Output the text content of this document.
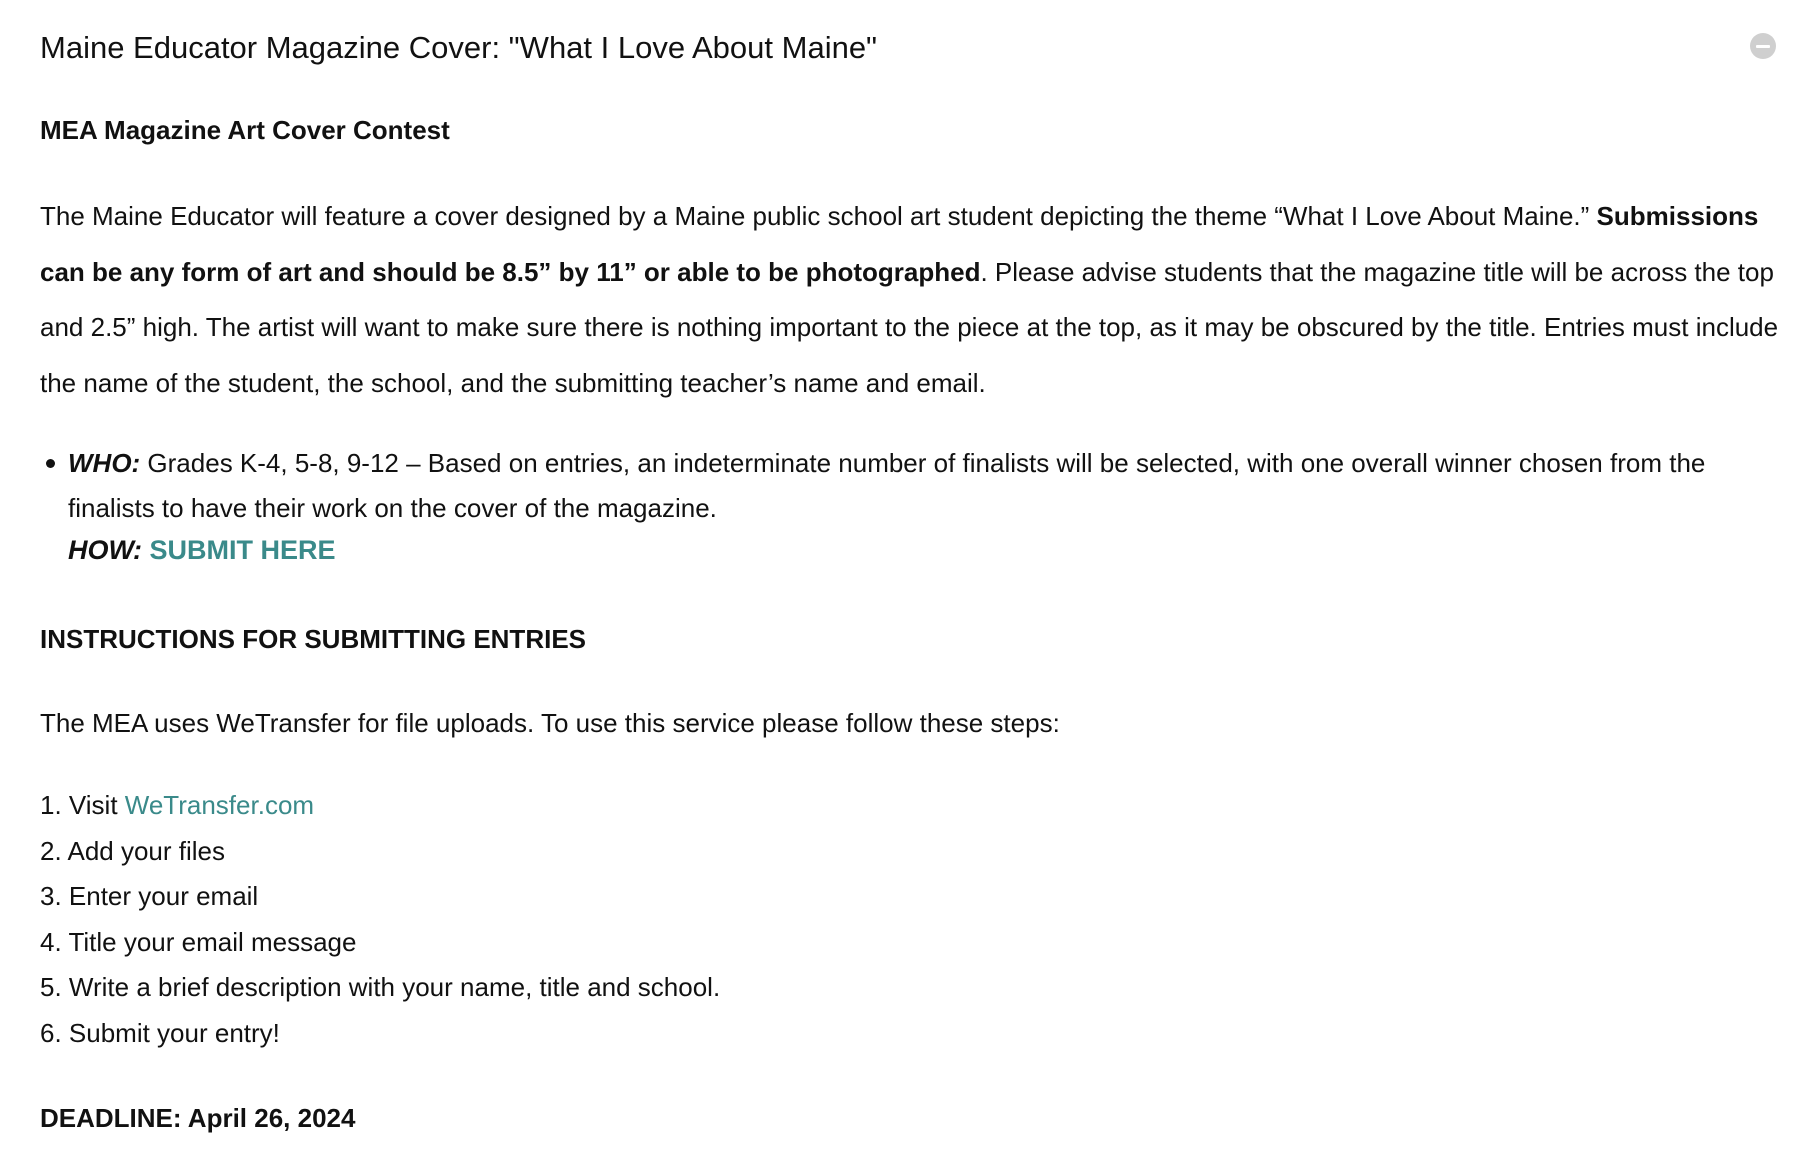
Maine Educator Magazine Cover: "What I Love About Maine"
MEA Magazine Art Cover Contest

The Maine Educator will feature a cover designed by a Maine public school art student depicting the theme “What I Love About Maine.” Submissions can be any form of art and should be 8.5” by 11” or able to be photographed. Please advise students that the magazine title will be across the top and 2.5” high. The artist will want to make sure there is nothing important to the piece at the top, as it may be obscured by the title. Entries must include the name of the student, the school, and the submitting teacher’s name and email.

WHO: Grades K-4, 5-8, 9-12 – Based on entries, an indeterminate number of finalists will be selected, with one overall winner chosen from the finalists to have their work on the cover of the magazine.
HOW: SUBMIT HERE
INSTRUCTIONS FOR SUBMITTING ENTRIES
The MEA uses WeTransfer for file uploads. To use this service please follow these steps:
1. Visit WeTransfer.com
2. Add your files
3. Enter your email
4. Title your email message
5. Write a brief description with your name, title and school.
6. Submit your entry!
DEADLINE: April 26, 2024
